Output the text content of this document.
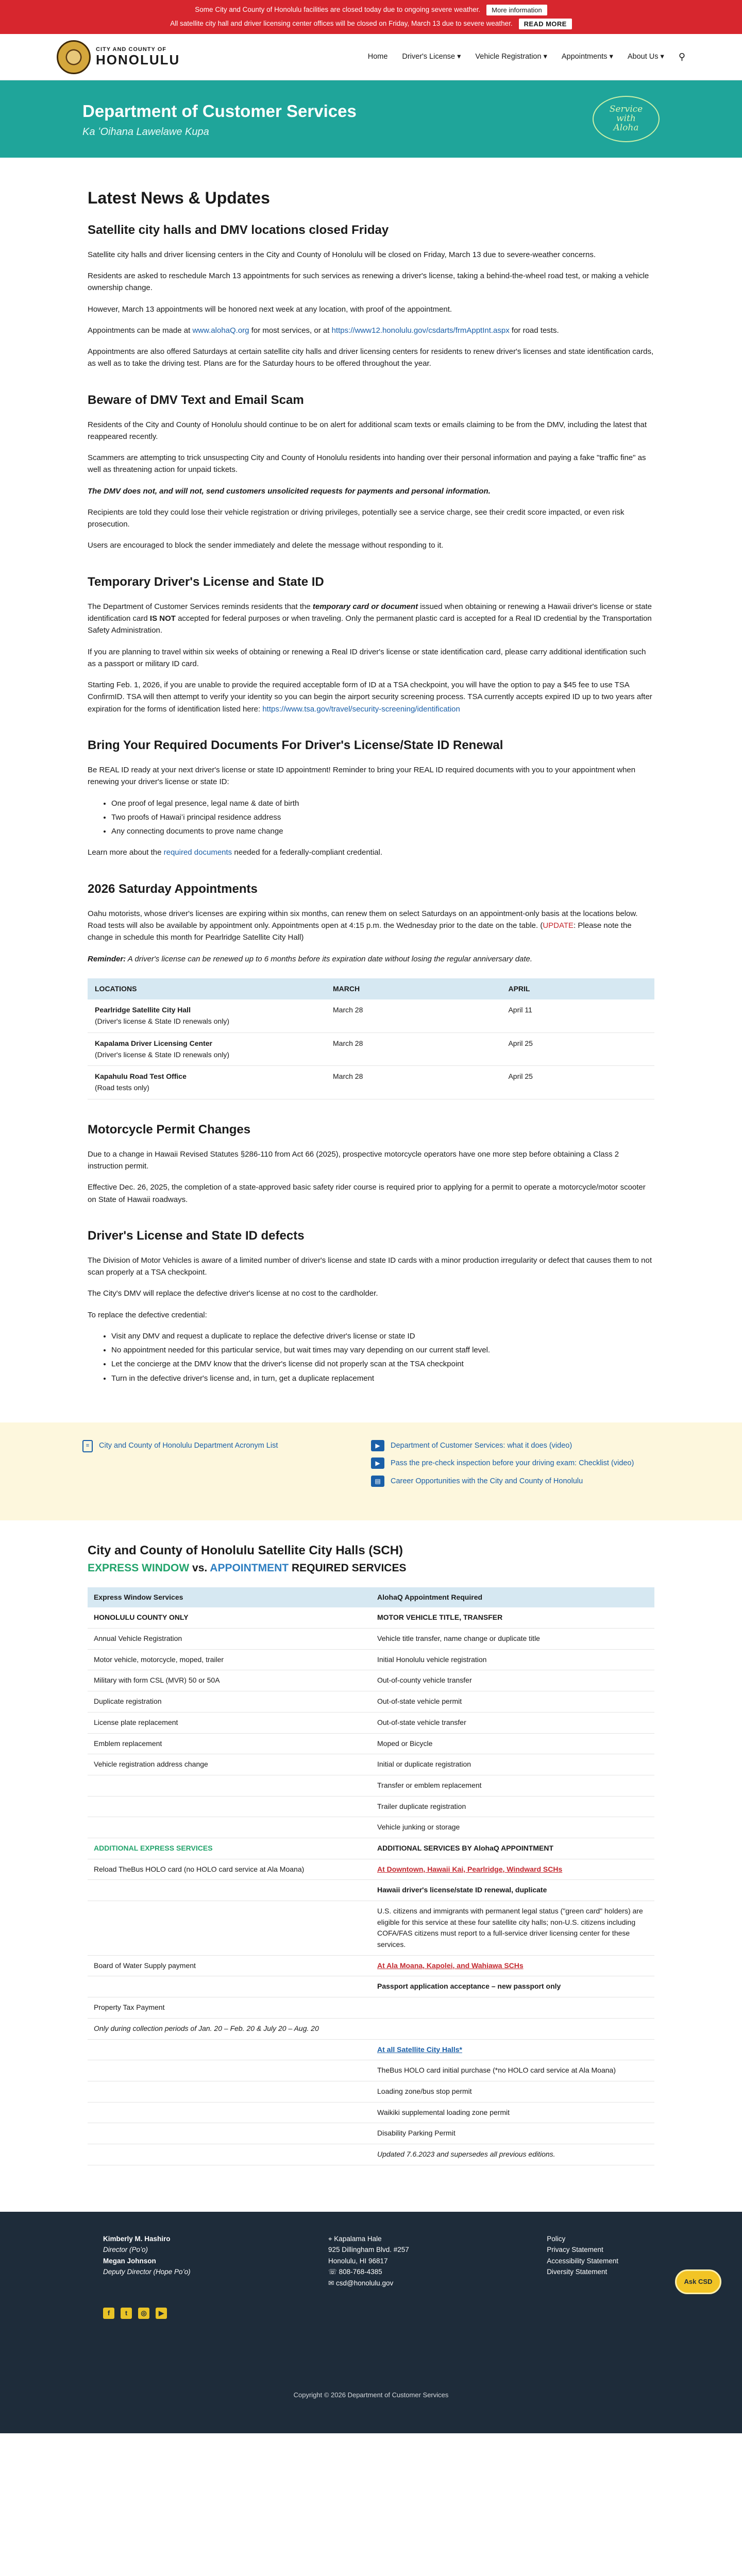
Some City and County of Honolulu facilities are closed today due to ongoing severe weather.	More information
All satellite city hall and driver licensing center offices will be closed on Friday, March 13 due to severe weather.	READ MORE
CITY AND COUNTY OF
HONOLULU	Home Driver's License ▾ Vehicle Registration ▾ Appointments ▾ About Us ▾ ⚲
Department of Customer Services
Ka ʻOihana Lawelawe Kupa
Service
with
Aloha
Latest News & Updates
Satellite city halls and DMV locations closed Friday

Satellite city halls and driver licensing centers in the City and County of Honolulu will be closed on Friday, March 13 due to severe-weather concerns.

Residents are asked to reschedule March 13 appointments for such services as renewing a driver's license, taking a behind-the-wheel road test, or making a vehicle ownership change.

However, March 13 appointments will be honored next week at any location, with proof of the appointment.

Appointments can be made at www.alohaQ.org for most services, or at https://www12.honolulu.gov/csdarts/frmApptInt.aspx for road tests.

Appointments are also offered Saturdays at certain satellite city halls and driver licensing centers for residents to renew driver's licenses and state identification cards, as well as to take the driving test. Plans are for the Saturday hours to be offered throughout the year.

Beware of DMV Text and Email Scam

Residents of the City and County of Honolulu should continue to be on alert for additional scam texts or emails claiming to be from the DMV, including the latest that reappeared recently.

Scammers are attempting to trick unsuspecting City and County of Honolulu residents into handing over their personal information and paying a fake "traffic fine" as well as threatening action for unpaid tickets.

The DMV does not, and will not, send customers unsolicited requests for payments and personal information.

Recipients are told they could lose their vehicle registration or driving privileges, potentially see a service charge, see their credit score impacted, or even risk prosecution.

Users are encouraged to block the sender immediately and delete the message without responding to it.

Temporary Driver's License and State ID

The Department of Customer Services reminds residents that the temporary card or document issued when obtaining or renewing a Hawaii driver's license or state identification card IS NOT accepted for federal purposes or when traveling. Only the permanent plastic card is accepted for a Real ID credential by the Transportation Safety Administration.

If you are planning to travel within six weeks of obtaining or renewing a Real ID driver's license or state identification card, please carry additional identification such as a passport or military ID card.

Starting Feb. 1, 2026, if you are unable to provide the required acceptable form of ID at a TSA checkpoint, you will have the option to pay a $45 fee to use TSA ConfirmID. TSA will then attempt to verify your identity so you can begin the airport security screening process. TSA currently accepts expired ID up to two years after expiration for the forms of identification listed here: https://www.tsa.gov/travel/security-screening/identification

Bring Your Required Documents For Driver's License/State ID Renewal

Be REAL ID ready at your next driver's license or state ID appointment! Reminder to bring your REAL ID required documents with you to your appointment when renewing your driver's license or state ID:

• One proof of legal presence, legal name & date of birth
• Two proofs of Hawaiʻi principal residence address
• Any connecting documents to prove name change

Learn more about the required documents needed for a federally-compliant credential.

2026 Saturday Appointments

Oahu motorists, whose driver's licenses are expiring within six months, can renew them on select Saturdays on an appointment-only basis at the locations below. Road tests will also be available by appointment only. Appointments open at 4:15 p.m. the Wednesday prior to the date on the table. (UPDATE: Please note the change in schedule this month for Pearlridge Satellite City Hall)

Reminder: A driver's license can be renewed up to 6 months before its expiration date without losing the regular anniversary date.

LOCATIONS	MARCH	APRIL
Pearlridge Satellite City Hall
(Driver's license & State ID renewals only)	March 28	April 11
Kapalama Driver Licensing Center
(Driver's license & State ID renewals only)	March 28	April 25
Kapahulu Road Test Office
(Road tests only)	March 28	April 25
Motorcycle Permit Changes

Due to a change in Hawaii Revised Statutes §286-110 from Act 66 (2025), prospective motorcycle operators have one more step before obtaining a Class 2 instruction permit.

Effective Dec. 26, 2025, the completion of a state-approved basic safety rider course is required prior to applying for a permit to operate a motorcycle/motor scooter on State of Hawaii roadways.

Driver's License and State ID defects

The Division of Motor Vehicles is aware of a limited number of driver's license and state ID cards with a minor production irregularity or defect that causes them to not scan properly at a TSA checkpoint.

The City's DMV will replace the defective driver's license at no cost to the cardholder.

To replace the defective credential:

• Visit any DMV and request a duplicate to replace the defective driver's license or state ID
• No appointment needed for this particular service, but wait times may vary depending on our current staff level.
• Let the concierge at the DMV know that the driver's license did not properly scan at the TSA checkpoint
• Turn in the defective driver's license and, in turn, get a duplicate replacement
≡	City and County of Honolulu Department Acronym List	▶	Department of Customer Services: what it does (video)
▶	Pass the pre-check inspection before your driving exam: Checklist (video)
▤	Career Opportunities with the City and County of Honolulu
City and County of Honolulu Satellite City Halls (SCH)
EXPRESS WINDOW vs. APPOINTMENT REQUIRED SERVICES
Express Window Services	AlohaQ Appointment Required
HONOLULU COUNTY ONLY	MOTOR VEHICLE TITLE, TRANSFER
Annual Vehicle Registration	Vehicle title transfer, name change or duplicate title
Motor vehicle, motorcycle, moped, trailer	Initial Honolulu vehicle registration
Military with form CSL (MVR) 50 or 50A	Out-of-county vehicle transfer
Duplicate registration	Out-of-state vehicle permit
License plate replacement	Out-of-state vehicle transfer
Emblem replacement	Moped or Bicycle
Vehicle registration address change	Initial or duplicate registration
	Transfer or emblem replacement
	Trailer duplicate registration
	Vehicle junking or storage
ADDITIONAL EXPRESS SERVICES	ADDITIONAL SERVICES BY AlohaQ APPOINTMENT
Reload TheBus HOLO card (no HOLO card service at Ala Moana)	At Downtown, Hawaii Kai, Pearlridge, Windward SCHs
	Hawaii driver's license/state ID renewal, duplicate
	U.S. citizens and immigrants with permanent legal status ("green card" holders) are eligible for this service at these four satellite city halls; non-U.S. citizens including COFA/FAS citizens must report to a full-service driver licensing center for these services.
Board of Water Supply payment	At Ala Moana, Kapolei, and Wahiawa SCHs
	Passport application acceptance – new passport only
Property Tax Payment	
Only during collection periods of Jan. 20 – Feb. 20 & July 20 – Aug. 20	
	At all Satellite City Halls*
	TheBus HOLO card initial purchase (*no HOLO card service at Ala Moana)
	Loading zone/bus stop permit
	Waikiki supplemental loading zone permit
	Disability Parking Permit
	Updated 7.6.2023 and supersedes all previous editions.
Kimberly M. Hashiro
Director (Poʻo)
Megan Johnson
Deputy Director (Hope Poʻo)
⌖ Kapalama Hale
925 Dillingham Blvd. #257
Honolulu, HI 96817
☏ 808-768-4385
✉ csd@honolulu.gov
Policy
Privacy Statement
Accessibility Statement
Diversity Statement
f	t	◎	▶
Ask CSD
Copyright © 2026 Department of Customer Services
